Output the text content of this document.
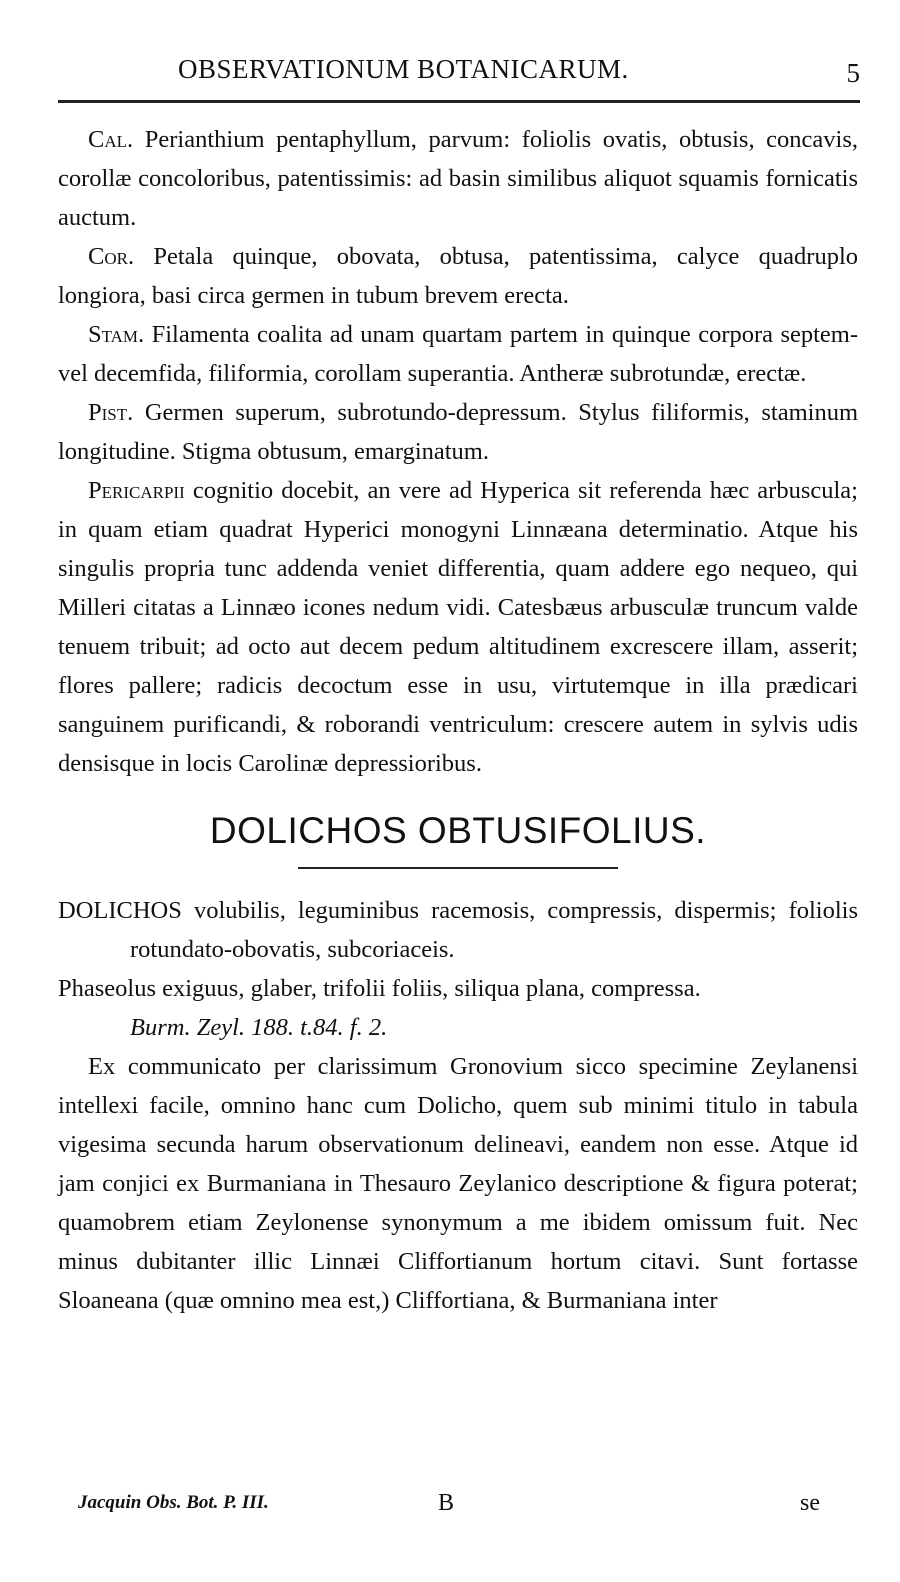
OBSERVATIONUM BOTANICARUM.	5

Cal. Perianthium pentaphyllum, parvum: foliolis ovatis, obtusis, concavis, corollæ concoloribus, patentissimis: ad basin similibus aliquot squamis fornicatis auctum.

Cor. Petala quinque, obovata, obtusa, patentissima, calyce quadruplo longiora, basi circa germen in tubum brevem erecta.

Stam. Filamenta coalita ad unam quartam partem in quinque corpora septem-vel decemfida, filiformia, corollam superantia. Antheræ subrotundæ, erectæ.

Pist. Germen superum, subrotundo-depressum. Stylus filiformis, staminum longitudine. Stigma obtusum, emarginatum.

Pericarpii cognitio docebit, an vere ad Hyperica sit referenda hæc arbuscula; in quam etiam quadrat Hyperici monogyni Linnæana determinatio. Atque his singulis propria tunc addenda veniet differentia, quam addere ego nequeo, qui Milleri citatas a Linnæo icones nedum vidi. Catesbæus arbusculæ truncum valde tenuem tribuit; ad octo aut decem pedum altitudinem excrescere illam, asserit; flores pallere; radicis decoctum esse in usu, virtutemque in illa prædicari sanguinem purificandi, & roborandi ventriculum: crescere autem in sylvis udis densisque in locis Carolinæ depressioribus.

DOLICHOS OBTUSIFOLIUS.

DOLICHOS volubilis, leguminibus racemosis, compressis, dispermis; foliolis rotundato-obovatis, subcoriaceis.

Phaseolus exiguus, glaber, trifolii foliis, siliqua plana, compressa.

Burm. Zeyl. 188. t.84. f. 2.

Ex communicato per clarissimum Gronovium sicco specimine Zeylanensi intellexi facile, omnino hanc cum Dolicho, quem sub minimi titulo in tabula vigesima secunda harum observationum delineavi, eandem non esse. Atque id jam conjici ex Burmaniana in Thesauro Zeylanico descriptione & figura poterat; quamobrem etiam Zeylonense synonymum a me ibidem omissum fuit. Nec minus dubitanter illic Linnæi Cliffortianum hortum citavi. Sunt fortasse Sloaneana (quæ omnino mea est,) Cliffortiana, & Burmaniana inter

Jacquin Obs. Bot. P. III.	B	se
